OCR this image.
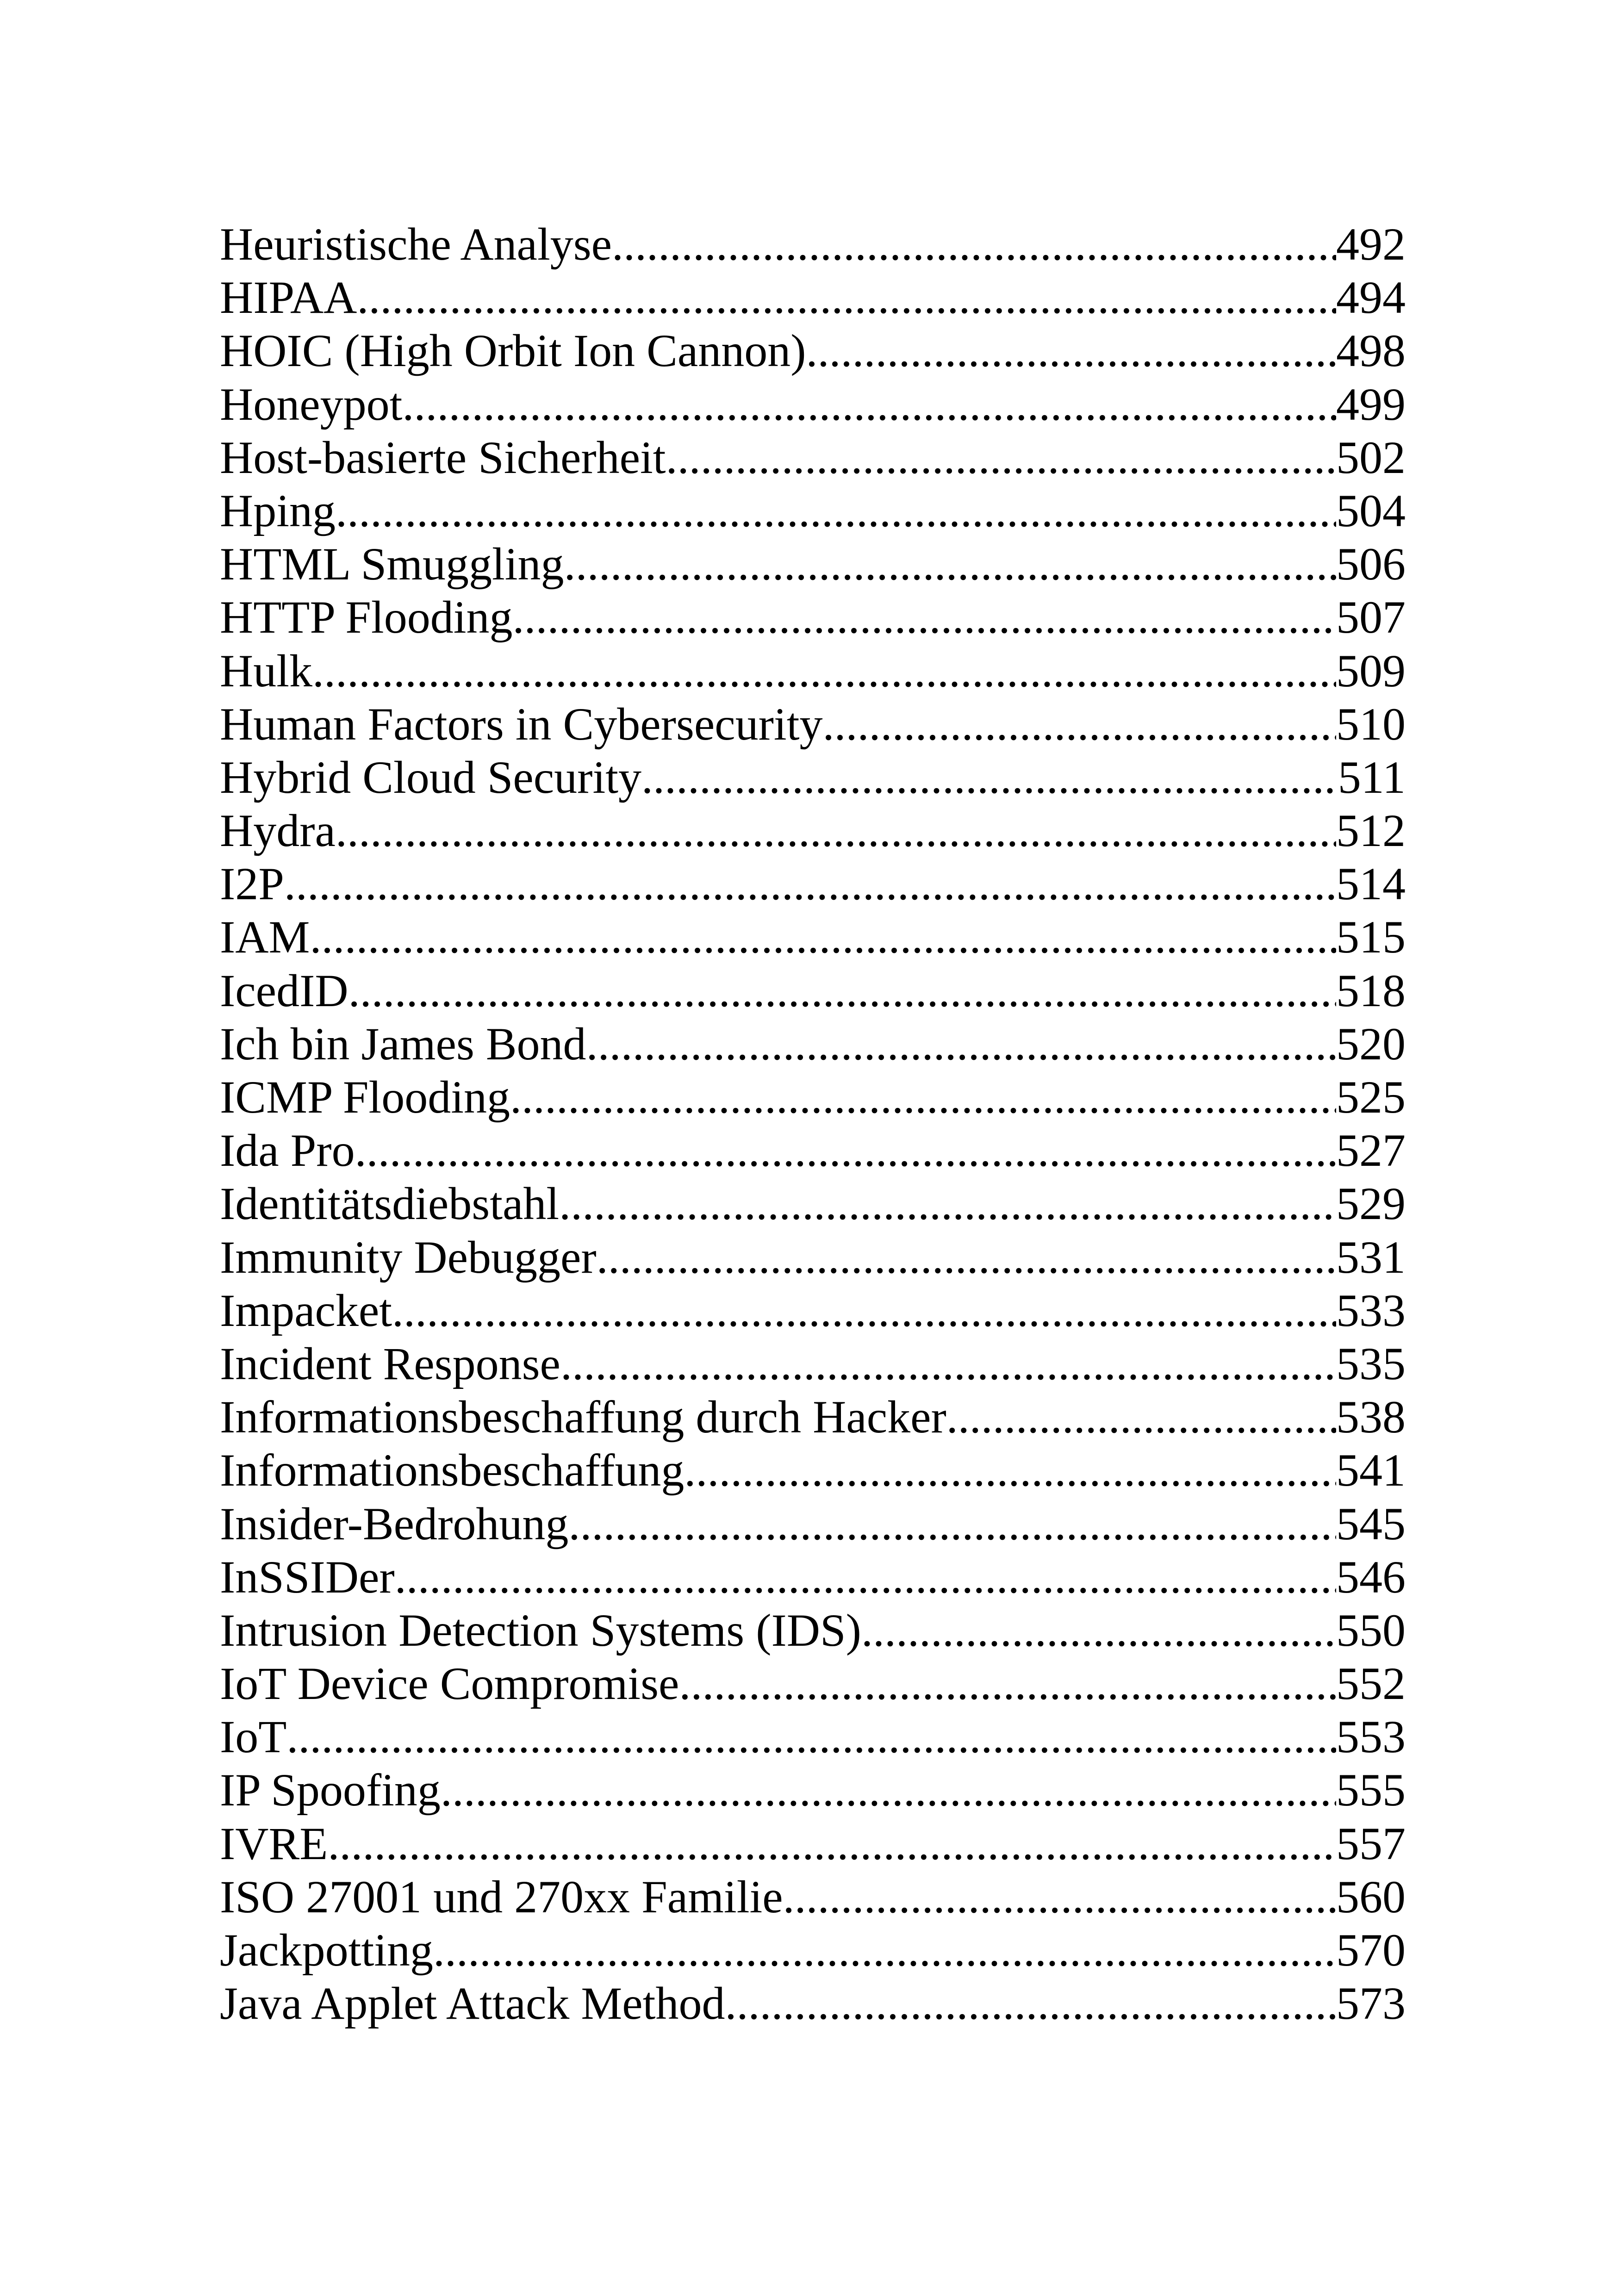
Heuristische Analyse .....	492
HIPAA .....	494
HOIC (High Orbit Ion Cannon) .....	498
Honeypot .....	499
Host-basierte Sicherheit .....	502
Hping .....	504
HTML Smuggling .....	506
HTTP Flooding .....	507
Hulk .....	509
Human Factors in Cybersecurity .....	510
Hybrid Cloud Security .....	511
Hydra .....	512
I2P .....	514
IAM .....	515
IcedID .....	518
Ich bin James Bond .....	520
ICMP Flooding .....	525
Ida Pro .....	527
Identitätsdiebstahl .....	529
Immunity Debugger .....	531
Impacket .....	533
Incident Response .....	535
Informationsbeschaffung durch Hacker .....	538
Informationsbeschaffung .....	541
Insider-Bedrohung .....	545
InSSIDer .....	546
Intrusion Detection Systems (IDS) .....	550
IoT Device Compromise .....	552
IoT .....	553
IP Spoofing .....	555
IVRE .....	557
ISO 27001 und 270xx Familie .....	560
Jackpotting .....	570
Java Applet Attack Method .....	573
